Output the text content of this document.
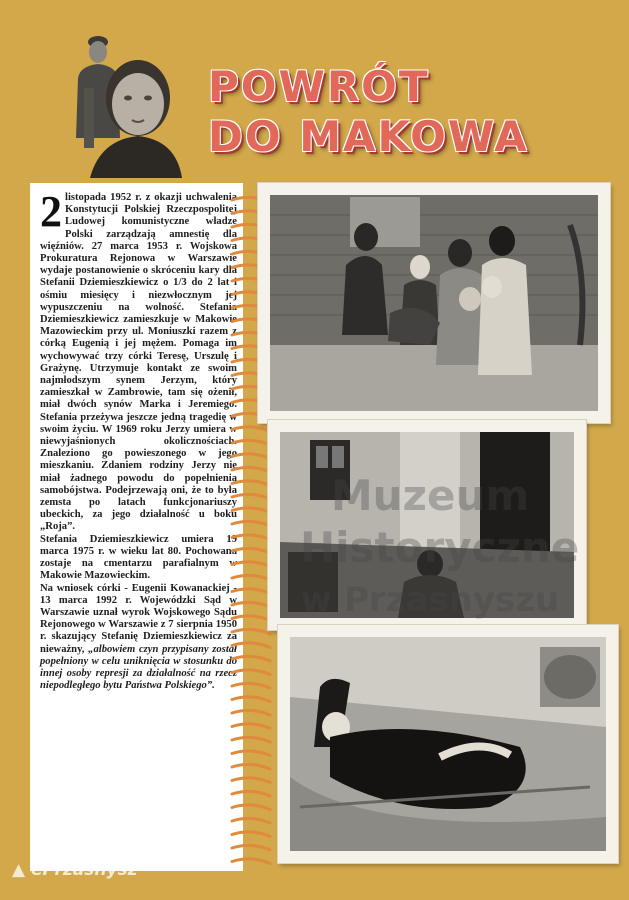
POWRÓT
DO MAKOWA

2 listopada 1952 r. z okazji uchwalenia Konstytucji Polskiej Rzeczpospolitej Ludowej komunistyczne władze Polski zarządzają amnestię dla więźniów. 27 marca 1953 r. Wojskowa Prokuratura Rejonowa w Warszawie wydaje postanowienie o skróceniu kary dla Stefanii Dziemieszkiewicz o 1/3 do 2 lat i ośmiu miesięcy i niezwłocznym jej wypuszczeniu na wolność. Stefania Dziemieszkiewicz zamieszkuje w Makowie Mazowieckim przy ul. Moniuszki razem z córką Eugenią i jej mężem. Pomaga im wychowywać trzy córki Teresę, Urszulę i Grażynę. Utrzymuje kontakt ze swoim najmłodszym synem Jerzym, który zamieszkał w Zambrowie, tam się ożenił, miał dwóch synów Marka i Jeremiego. Stefania przeżywa jeszcze jedną tragedię w swoim życiu. W 1969 roku Jerzy umiera w niewyjaśnionych okolicznościach. Znaleziono go powieszonego w jego mieszkaniu. Zdaniem rodziny Jerzy nie miał żadnego powodu do popełnienia samobójstwa. Podejrzewają oni, że to była zemsta po latach funkcjonariuszy ubeckich, za jego działalność u boku „Roja”.

Stefania Dziemieszkiewicz umiera 19 marca 1975 r. w wieku lat 80. Pochowana zostaje na cmentarzu parafialnym w Makowie Mazowieckim.

Na wniosek córki - Eugenii Kowanackiej - 13 marca 1992 r. Wojewódzki Sąd w Warszawie uznał wyrok Wojskowego Sądu Rejonowego w Warszawie z 7 sierpnia 1950 r. skazujący Stefanię Dziemieszkiewicz za nieważny, „albowiem czyn przypisany został popełniony w celu uniknięcia w stosunku do innej osoby represji za działalność na rzecz niepodległego bytu Państwa Polskiego”.

Muzeum
Historyczne
w Przasnyszu
▲ ePrzasnysz
